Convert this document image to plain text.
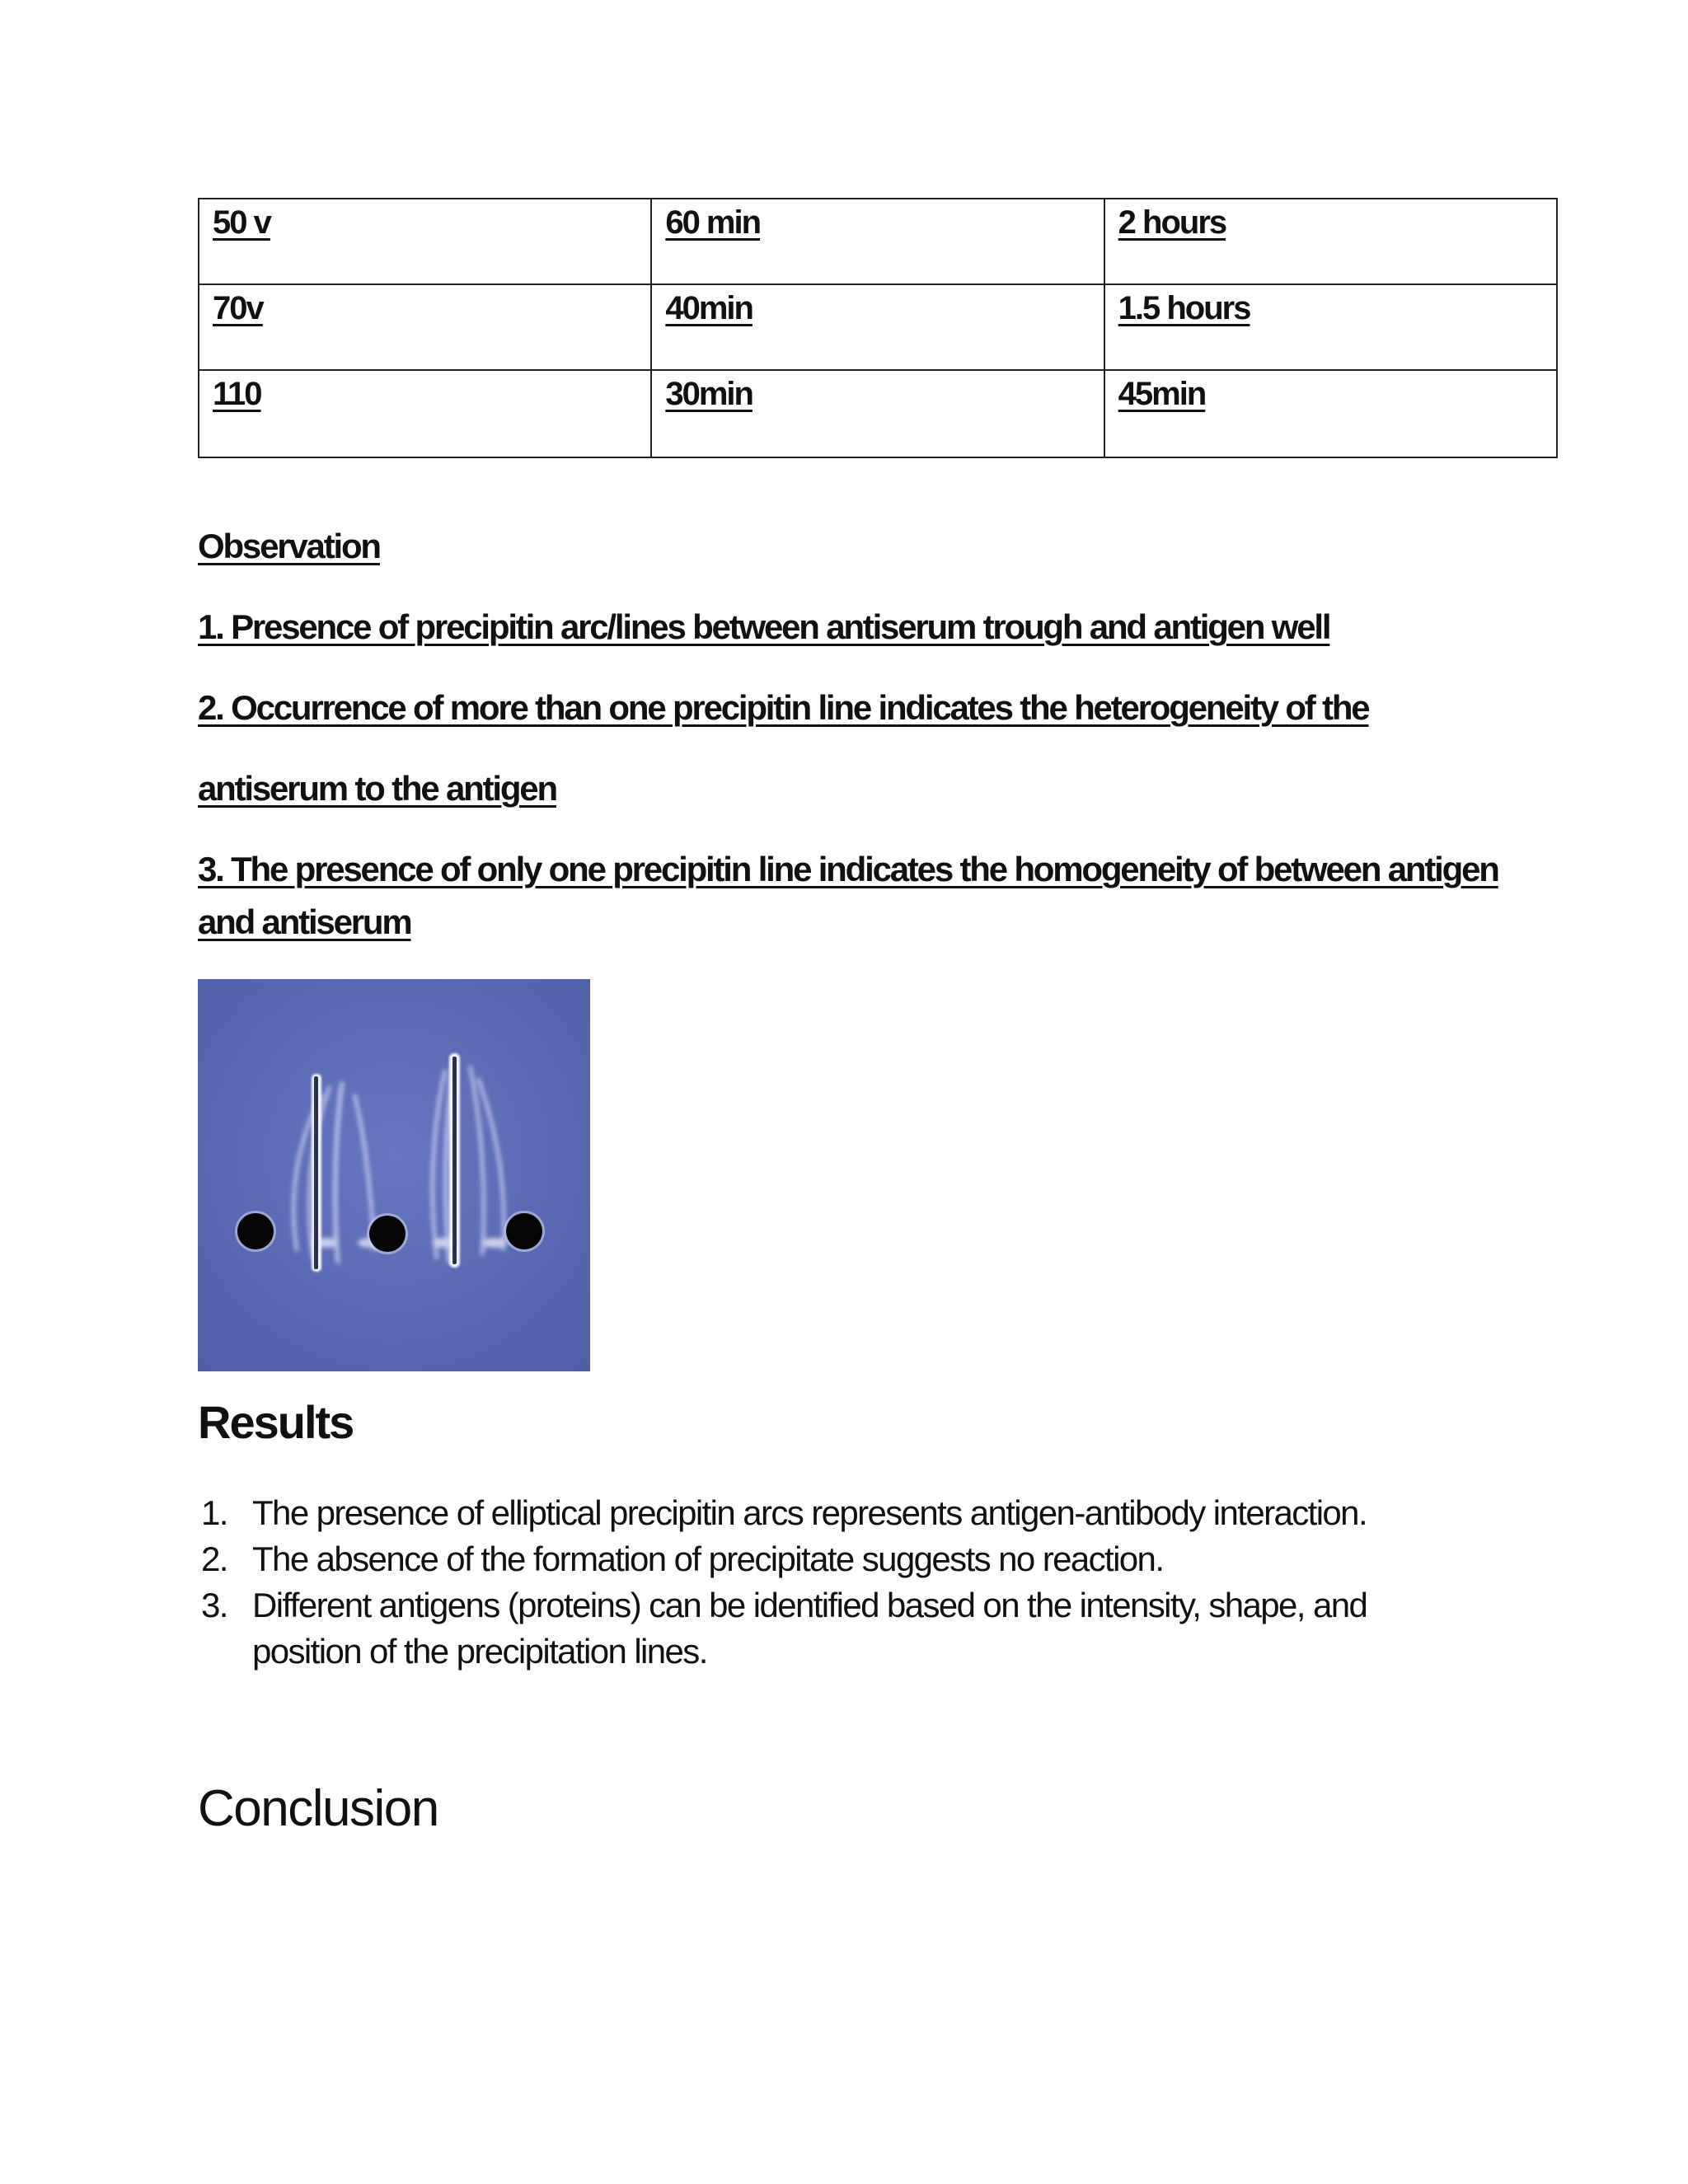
50 v	60 min	2 hours
70v	40min	1.5 hours
110	30min	45min
Observation
1. Presence of precipitin arc/lines between antiserum trough and antigen well
2. Occurrence of more than one precipitin line indicates the heterogeneity of the
antiserum to the antigen
3. The presence of only one precipitin line indicates the homogeneity of between antigen
and antiserum
Results
1. The presence of elliptical precipitin arcs represents antigen-antibody interaction.
2. The absence of the formation of precipitate suggests no reaction.
3. Different antigens (proteins) can be identified based on the intensity, shape, and position of the precipitation lines.
Conclusion
